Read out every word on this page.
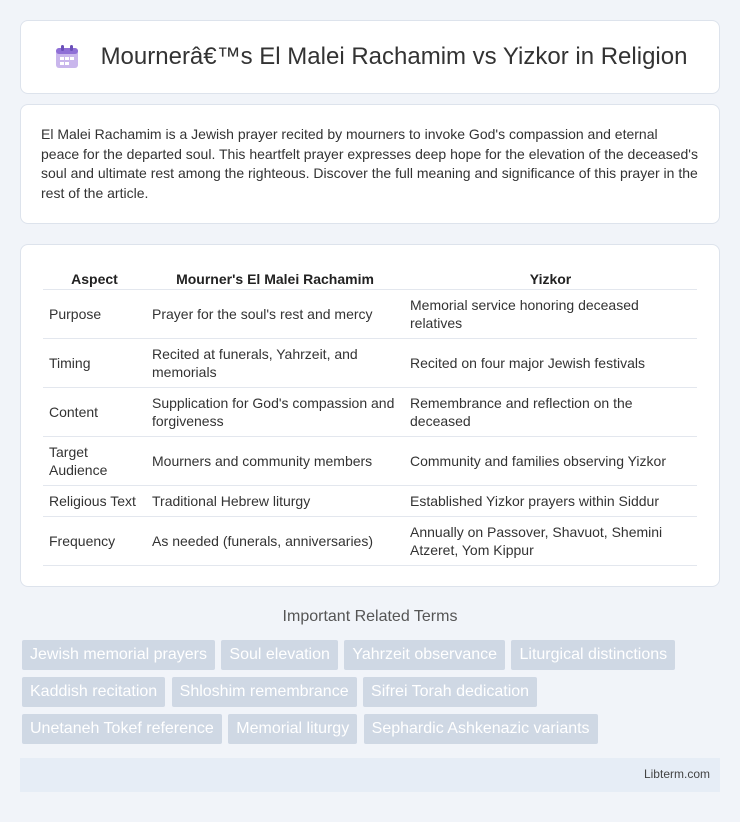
Mournerâ€™s El Malei Rachamim vs Yizkor in Religion

El Malei Rachamim is a Jewish prayer recited by mourners to invoke God's compassion and eternal peace for the departed soul. This heartfelt prayer expresses deep hope for the elevation of the deceased's soul and ultimate rest among the righteous. Discover the full meaning and significance of this prayer in the rest of the article.

Aspect	Mourner's El Malei Rachamim	Yizkor
Purpose	Prayer for the soul's rest and mercy	Memorial service honoring deceased relatives
Timing	Recited at funerals, Yahrzeit, and memorials	Recited on four major Jewish festivals
Content	Supplication for God's compassion and forgiveness	Remembrance and reflection on the deceased
Target Audience	Mourners and community members	Community and families observing Yizkor
Religious Text	Traditional Hebrew liturgy	Established Yizkor prayers within Siddur
Frequency	As needed (funerals, anniversaries)	Annually on Passover, Shavuot, Shemini Atzeret, Yom Kippur
Important Related Terms
Jewish memorial prayers Soul elevation Yahrzeit observance Liturgical distinctions Kaddish recitation Shloshim remembrance Sifrei Torah dedication Unetaneh Tokef reference Memorial liturgy Sephardic Ashkenazic variants
Libterm.com
